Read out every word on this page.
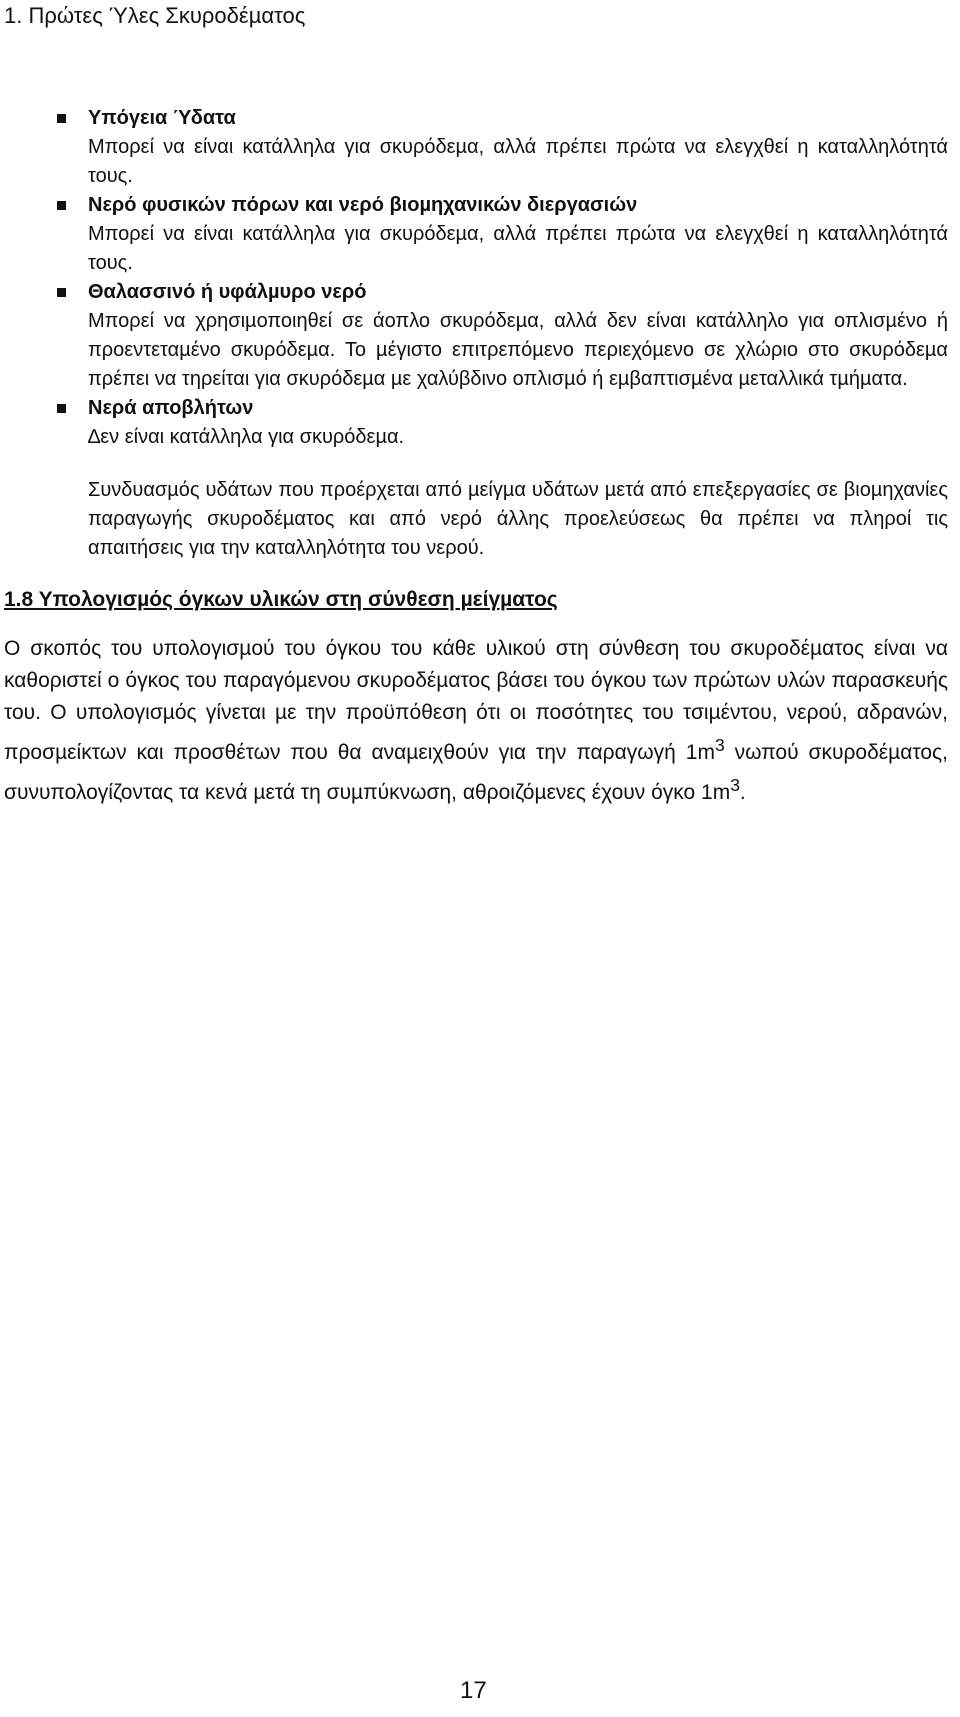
1. Πρώτες Ύλες Σκυροδέµατος
Υπόγεια Ύδατα
Μπορεί να είναι κατάλληλα για σκυρόδεµα, αλλά πρέπει πρώτα να ελεγχθεί η καταλληλότητά τους.
Νερό φυσικών πόρων και νερό βιοµηχανικών διεργασιών
Μπορεί να είναι κατάλληλα για σκυρόδεµα, αλλά πρέπει πρώτα να ελεγχθεί η καταλληλότητά τους.
Θαλασσινό ή υφάλµυρο νερό
Μπορεί να χρησιµοποιηθεί σε άοπλο σκυρόδεµα, αλλά δεν είναι κατάλληλο για οπλισµένο ή προεντεταµένο σκυρόδεµα. Το µέγιστο επιτρεπόµενο περιεχόµενο σε χλώριο στο σκυρόδεµα πρέπει να τηρείται για σκυρόδεµα µε χαλύβδινο οπλισµό ή εµβαπτισµένα µεταλλικά τµήµατα.
Νερά αποβλήτων
∆εν είναι κατάλληλα για σκυρόδεµα.

Συνδυασµός υδάτων που προέρχεται από µείγµα υδάτων µετά από επεξεργασίες σε βιοµηχανίες παραγωγής σκυροδέµατος και από νερό άλλης προελεύσεως θα πρέπει να πληροί τις απαιτήσεις για την καταλληλότητα του νερού.

1.8 Υπολογισµός όγκων υλικών στη σύνθεση µείγµατος

Ο σκοπός του υπολογισµού του όγκου του κάθε υλικού στη σύνθεση του σκυροδέµατος είναι να καθοριστεί ο όγκος του παραγόµενου σκυροδέµατος βάσει του όγκου των πρώτων υλών παρασκευής του. Ο υπολογισµός γίνεται µε την προϋπόθεση ότι οι ποσότητες του τσιµέντου, νερού, αδρανών, προσµείκτων και προσθέτων που θα αναµειχθούν για την παραγωγή $1m^3$ νωπού σκυροδέµατος, συνυπολογίζοντας τα κενά µετά τη συµπύκνωση, αθροιζόµενες έχουν όγκο $1m^3$.

17
